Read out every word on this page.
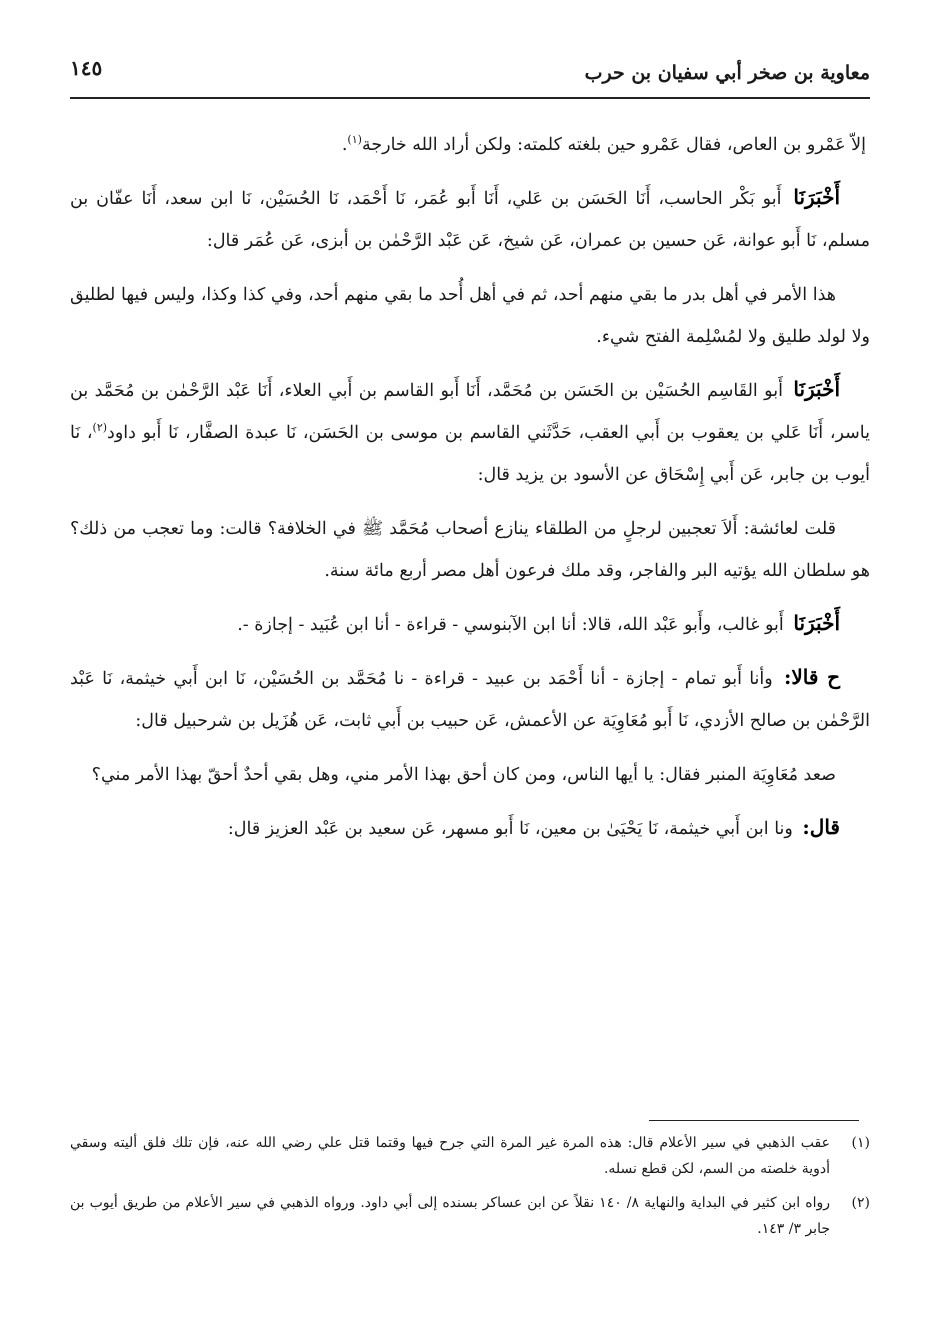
معاوية بن صخر أبي سفيان بن حرب
١٤٥

إلاّ عَمْرو بن العاص، فقال عَمْرو حين بلغته كلمته: ولكن أراد الله خارجة$^{(١)}$.

أَخْبَرَنَا أَبو بَكْر الحاسب، أَنَا الحَسَن بن عَلي، أَنَا أَبو عُمَر، نَا أَحْمَد، نَا الحُسَيْن، نَا ابن سعد، أَنَا عفّان بن مسلم، نَا أَبو عوانة، عَن حسين بن عمران، عَن شيخ، عَن عَبْد الرَّحْمٰن بن أبزى، عَن عُمَر قال:

هذا الأمر في أهل بدر ما بقي منهم أحد، ثم في أهل أُحد ما بقي منهم أحد، وفي كذا وكذا، وليس فيها لطليق ولا لولد طليق ولا لمُسْلِمة الفتح شيء.

أَخْبَرَنَا أَبو القَاسِم الحُسَيْن بن الحَسَن بن مُحَمَّد، أَنَا أَبو القاسم بن أَبي العلاء، أَنَا عَبْد الرَّحْمٰن بن مُحَمَّد بن ياسر، أَنَا عَلي بن يعقوب بن أَبي العقب، حَدَّثَني القاسم بن موسى بن الحَسَن، نَا عبدة الصفَّار، نَا أَبو داود$^{(٢)}$، نَا أيوب بن جابر، عَن أَبي إِسْحَاق عن الأسود بن يزيد قال:

قلت لعائشة: أَلاَ تعجبين لرجلٍ من الطلقاء ينازع أصحاب مُحَمَّد ﷺ في الخلافة؟ قالت: وما تعجب من ذلك؟ هو سلطان الله يؤتيه البر والفاجر، وقد ملك فرعون أهل مصر أربع مائة سنة.

أَخْبَرَنَا أَبو غالب، وأَبو عَبْد الله، قالا: أنا ابن الآبنوسي - قراءة - أنا ابن عُبَيد - إجازة -.

ح قالا: وأنا أَبو تمام - إجازة - أنا أَحْمَد بن عبيد - قراءة - نا مُحَمَّد بن الحُسَيْن، نَا ابن أَبي خيثمة، نَا عَبْد الرَّحْمٰن بن صالح الأزدي، نَا أَبو مُعَاوِيَة عن الأعمش، عَن حبيب بن أَبي ثابت، عَن هُزَيل بن شرحبيل قال:

صعد مُعَاوِيَة المنبر فقال: يا أيها الناس، ومن كان أحق بهذا الأمر مني، وهل بقي أحدٌ أحقّ بهذا الأمر مني؟

قال: ونا ابن أَبي خيثمة، نَا يَحْيَىٰ بن معين، نَا أَبو مسهر، عَن سعيد بن عَبْد العزيز قال:

(١)
عقب الذهبي في سير الأعلام قال: هذه المرة غير المرة التي جرح فيها وقتما قتل علي رضي الله عنه، فإن تلك فلق أليته وسقي أدوية خلصته من السم، لكن قطع نسله.
(٢)
رواه ابن كثير في البداية والنهاية ٨/ ١٤٠ نقلاً عن ابن عساكر بسنده إلى أبي داود. ورواه الذهبي في سير الأعلام من طريق أيوب بن جابر ٣/ ١٤٣.
